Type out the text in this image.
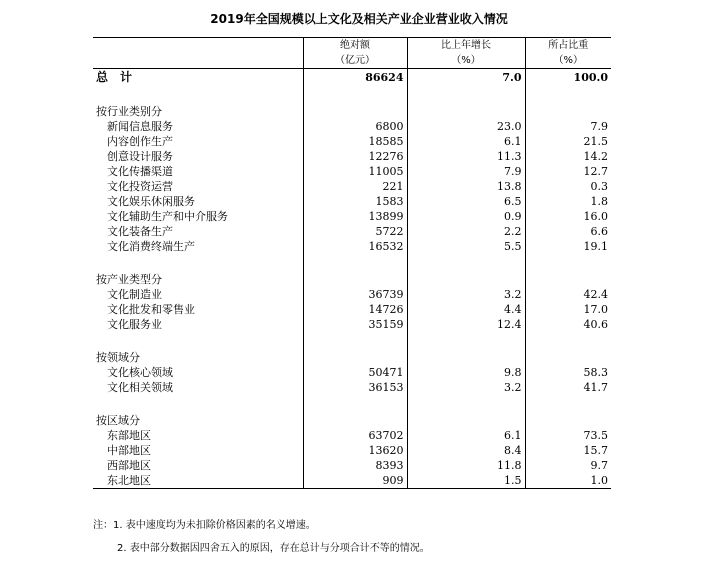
2019年全国规模以上文化及相关产业企业营业收入情况
	绝对额	比上年增长	所占比重
	（亿元）	（%）	（%）
总　计	86624	7.0	100.0

按行业类别分			
新闻信息服务	6800	23.0	7.9
内容创作生产	18585	6.1	21.5
创意设计服务	12276	11.3	14.2
文化传播渠道	11005	7.9	12.7
文化投资运营	221	13.8	0.3
文化娱乐休闲服务	1583	6.5	1.8
文化辅助生产和中介服务	13899	0.9	16.0
文化装备生产	5722	2.2	6.6
文化消费终端生产	16532	5.5	19.1

按产业类型分			
文化制造业	36739	3.2	42.4
文化批发和零售业	14726	4.4	17.0
文化服务业	35159	12.4	40.6

按领域分			
文化核心领域	50471	9.8	58.3
文化相关领域	36153	3.2	41.7

按区域分			
东部地区	63702	6.1	73.5
中部地区	13620	8.4	15.7
西部地区	8393	11.8	9.7
东北地区	909	1.5	1.0
注：1. 表中速度均为未扣除价格因素的名义增速。
2. 表中部分数据因四舍五入的原因，存在总计与分项合计不等的情况。
